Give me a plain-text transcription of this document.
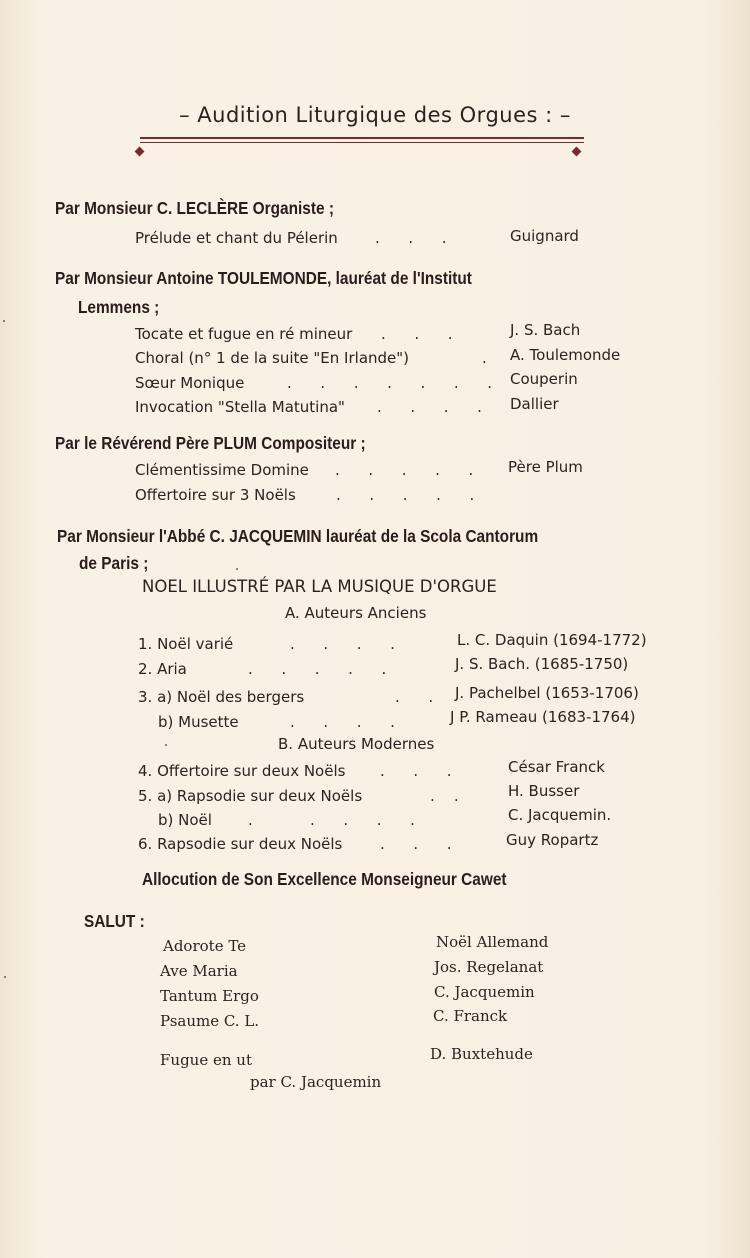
– Audition Liturgique des Orgues : –
Par Monsieur C. LECLÈRE Organiste ;
Prélude et chant du Pélerin .      .      .	Guignard
Par Monsieur Antoine TOULEMONDE, lauréat de l'Institut
Lemmens ;
Tocate et fugue en ré mineur .      .      .	J. S. Bach
Choral (n° 1 de la suite "En Irlande")	. A. Toulemonde
Sœur Monique	.      .      .      .      .      .      . Couperin
Invocation "Stella Matutina" .      .      .      . Dallier
Par le Révérend Père PLUM Compositeur ;
Clémentissime Domine .      .      .      .      . Père Plum
Offertoire sur 3 Noëls	.      .      .      .      .
Par Monsieur l'Abbé C. JACQUEMIN lauréat de la Scola Cantorum
de Paris ;
NOEL ILLUSTRÉ PAR LA MUSIQUE D'ORGUE
A. Auteurs Anciens
1. Noël varié	.      .      .      .	L. C. Daquin (1694-1772)
2. Aria	.      .      .      .      .	J. S. Bach. (1685-1750)
3. a) Noël des bergers	.      . J. Pachelbel (1653-1706)
b) Musette	.      .      .      .	J P. Rameau (1683-1764)
B. Auteurs Modernes
4. Offertoire sur deux Noëls .      .      .	César Franck
5. a) Rapsodie sur deux Noëls	.    .	H. Busser
b) Noël .            .      .      .      .	C. Jacquemin.
6. Rapsodie sur deux Noëls	.      .      .	Guy Ropartz
Allocution de Son Excellence Monseigneur Cawet
SALUT :
Adorote Te	Noël Allemand
Ave Maria	Jos. Regelanat
Tantum Ergo	C. Jacquemin
Psaume C. L.	C. Franck
Fugue en ut	D. Buxtehude
par C. Jacquemin
